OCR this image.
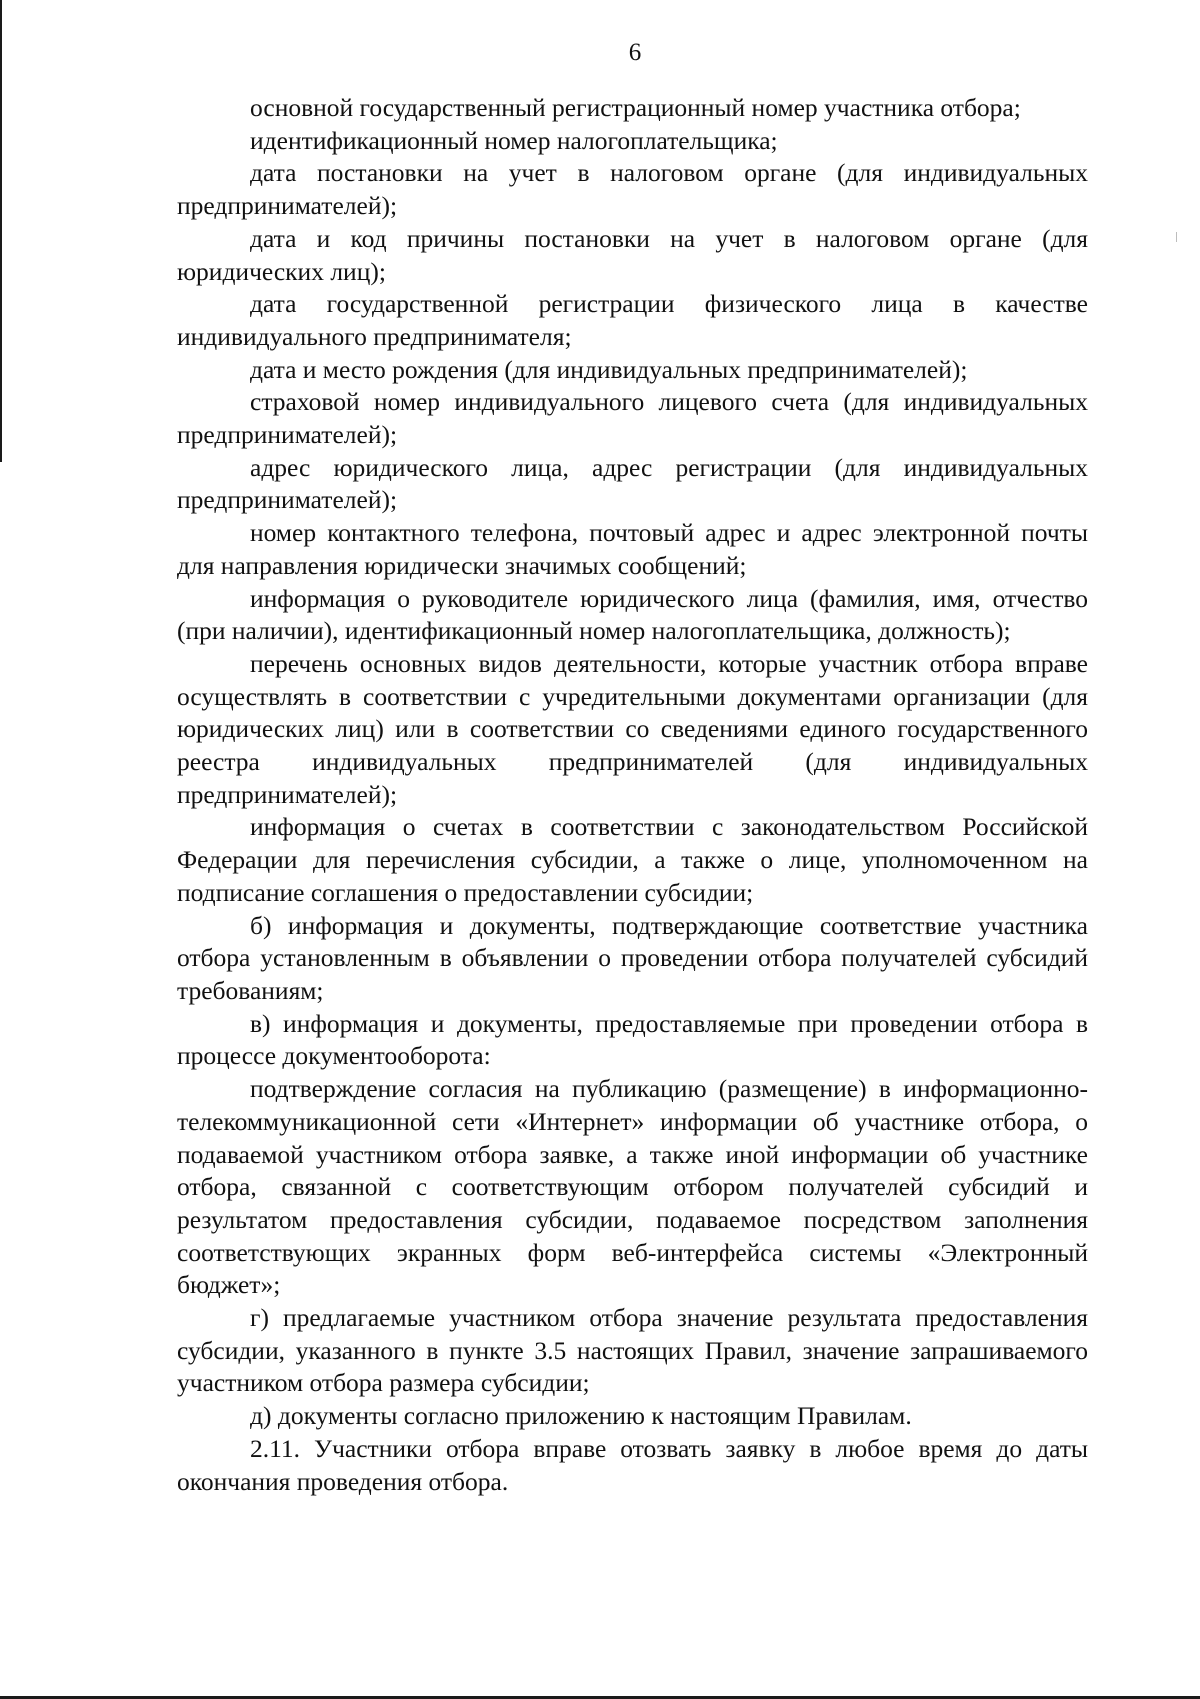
6

основной государственный регистрационный номер участника отбора;

идентификационный номер налогоплательщика;

дата постановки на учет в налоговом органе (для индивидуальных предпринимателей);

дата и код причины постановки на учет в налоговом органе (для юридических лиц);

дата государственной регистрации физического лица в качестве индивидуального предпринимателя;

дата и место рождения (для индивидуальных предпринимателей);

страховой номер индивидуального лицевого счета (для индивидуальных предпринимателей);

адрес юридического лица, адрес регистрации (для индивидуальных предпринимателей);

номер контактного телефона, почтовый адрес и адрес электронной почты для направления юридически значимых сообщений;

информация о руководителе юридического лица (фамилия, имя, отчество (при наличии), идентификационный номер налогоплательщика, должность);

перечень основных видов деятельности, которые участник отбора вправе осуществлять в соответствии с учредительными документами организации (для юридических лиц) или в соответствии со сведениями единого государственного реестра индивидуальных предпринимателей (для индивидуальных предпринимателей);

информация о счетах в соответствии с законодательством Российской Федерации для перечисления субсидии, а также о лице, уполномоченном на подписание соглашения о предоставлении субсидии;

б) информация и документы, подтверждающие соответствие участника отбора установленным в объявлении о проведении отбора получателей субсидий требованиям;

в) информация и документы, предоставляемые при проведении отбора в процессе документооборота:

подтверждение согласия на публикацию (размещение) в информационно-телекоммуникационной сети «Интернет» информации об участнике отбора, о подаваемой участником отбора заявке, а также иной информации об участнике отбора, связанной с соответствующим отбором получателей субсидий и результатом предоставления субсидии, подаваемое посредством заполнения соответствующих экранных форм веб-интерфейса системы «Электронный бюджет»;

г) предлагаемые участником отбора значение результата предоставления субсидии, указанного в пункте 3.5 настоящих Правил, значение запрашиваемого участником отбора размера субсидии;

д) документы согласно приложению к настоящим Правилам.

2.11. Участники отбора вправе отозвать заявку в любое время до даты окончания проведения отбора.
